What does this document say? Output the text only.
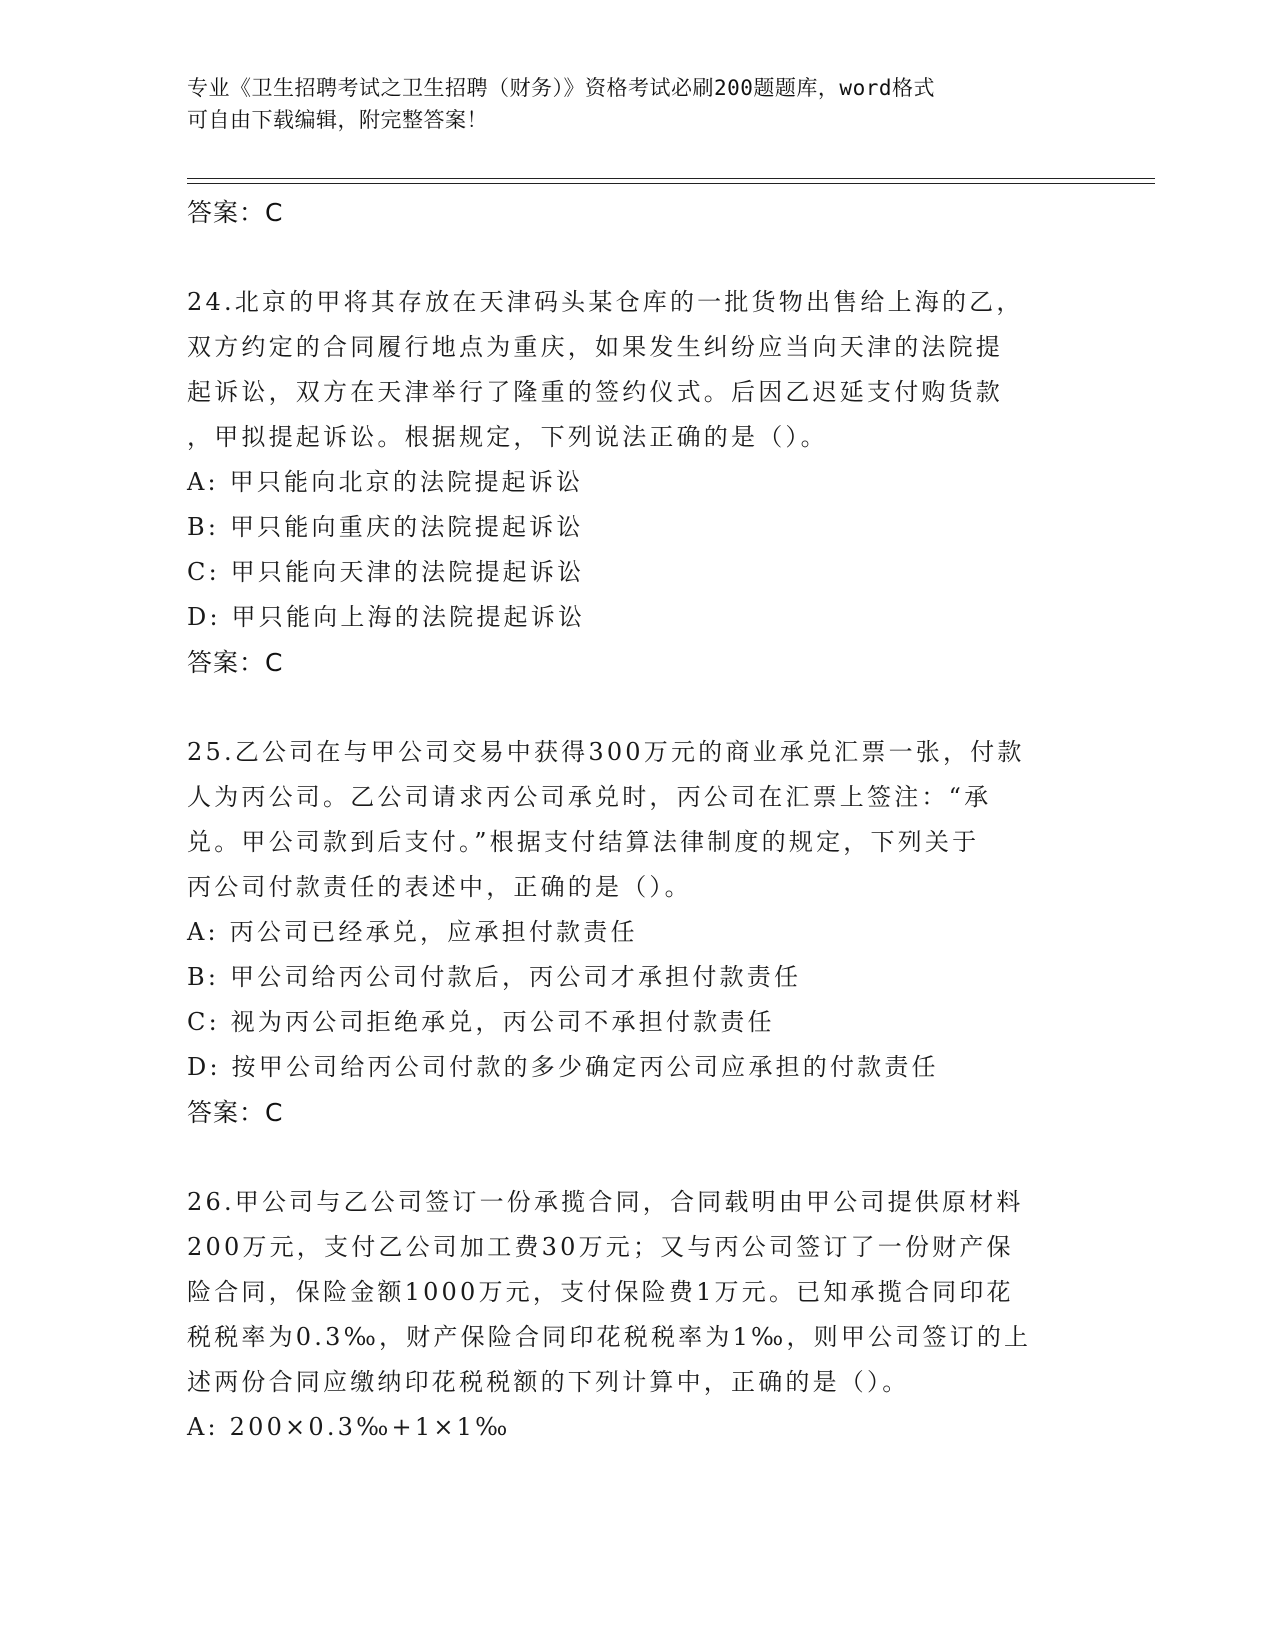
专业《卫生招聘考试之卫生招聘（财务）》资格考试必刷200题题库，word格式
可自由下载编辑，附完整答案！
答案：C
24.北京的甲将其存放在天津码头某仓库的一批货物出售给上海的乙，
双方约定的合同履行地点为重庆，如果发生纠纷应当向天津的法院提
起诉讼，双方在天津举行了隆重的签约仪式。后因乙迟延支付购货款
，甲拟提起诉讼。根据规定，下列说法正确的是（）。
A: 甲只能向北京的法院提起诉讼
B: 甲只能向重庆的法院提起诉讼
C: 甲只能向天津的法院提起诉讼
D: 甲只能向上海的法院提起诉讼
答案：C
25.乙公司在与甲公司交易中获得300万元的商业承兑汇票一张，付款
人为丙公司。乙公司请求丙公司承兑时，丙公司在汇票上签注：“承
兑。甲公司款到后支付。”根据支付结算法律制度的规定，下列关于
丙公司付款责任的表述中，正确的是（）。
A: 丙公司已经承兑，应承担付款责任
B: 甲公司给丙公司付款后，丙公司才承担付款责任
C: 视为丙公司拒绝承兑，丙公司不承担付款责任
D: 按甲公司给丙公司付款的多少确定丙公司应承担的付款责任
答案：C
26.甲公司与乙公司签订一份承揽合同，合同载明由甲公司提供原材料
200万元，支付乙公司加工费30万元；又与丙公司签订了一份财产保
险合同，保险金额1000万元，支付保险费1万元。已知承揽合同印花
税税率为0.3‰，财产保险合同印花税税率为1‰，则甲公司签订的上
述两份合同应缴纳印花税税额的下列计算中，正确的是（）。
A: 200×0.3‰+1×1‰
